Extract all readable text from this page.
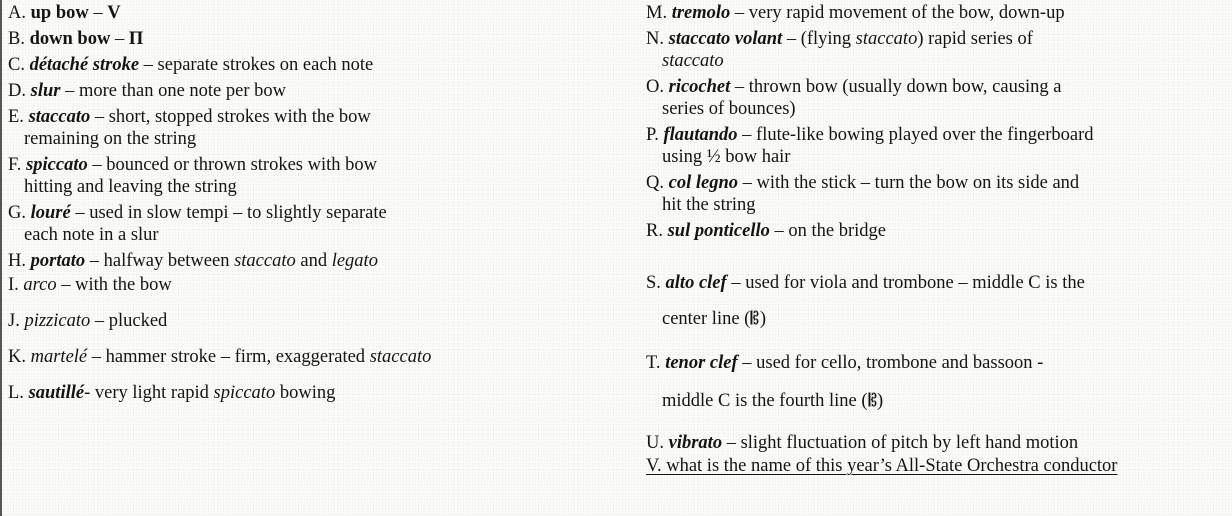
A. up bow – V
B. down bow – Π
C. détaché stroke – separate strokes on each note
D. slur – more than one note per bow
E. staccato – short, stopped strokes with the bow
remaining on the string
F. spiccato – bounced or thrown strokes with bow
hitting and leaving the string
G. louré – used in slow tempi – to slightly separate
each note in a slur
H. portato – halfway between staccato and legato
I. arco – with the bow
J. pizzicato – plucked
K. martelé – hammer stroke – firm, exaggerated staccato
L. sautillé- very light rapid spiccato bowing
M. tremolo – very rapid movement of the bow, down-up
N. staccato volant – (flying staccato) rapid series of
staccato
O. ricochet – thrown bow (usually down bow, causing a
series of bounces)
P. flautando – flute-like bowing played over the fingerboard
using ½ bow hair
Q. col legno – with the stick – turn the bow on its side and
hit the string
R. sul ponticello – on the bridge
S. alto clef – used for viola and trombone – middle C is the
center line (𝄡)
T. tenor clef – used for cello, trombone and bassoon -
middle C is the fourth line (𝄡)
U. vibrato – slight fluctuation of pitch by left hand motion
V. what is the name of this year’s All-State Orchestra conductor
